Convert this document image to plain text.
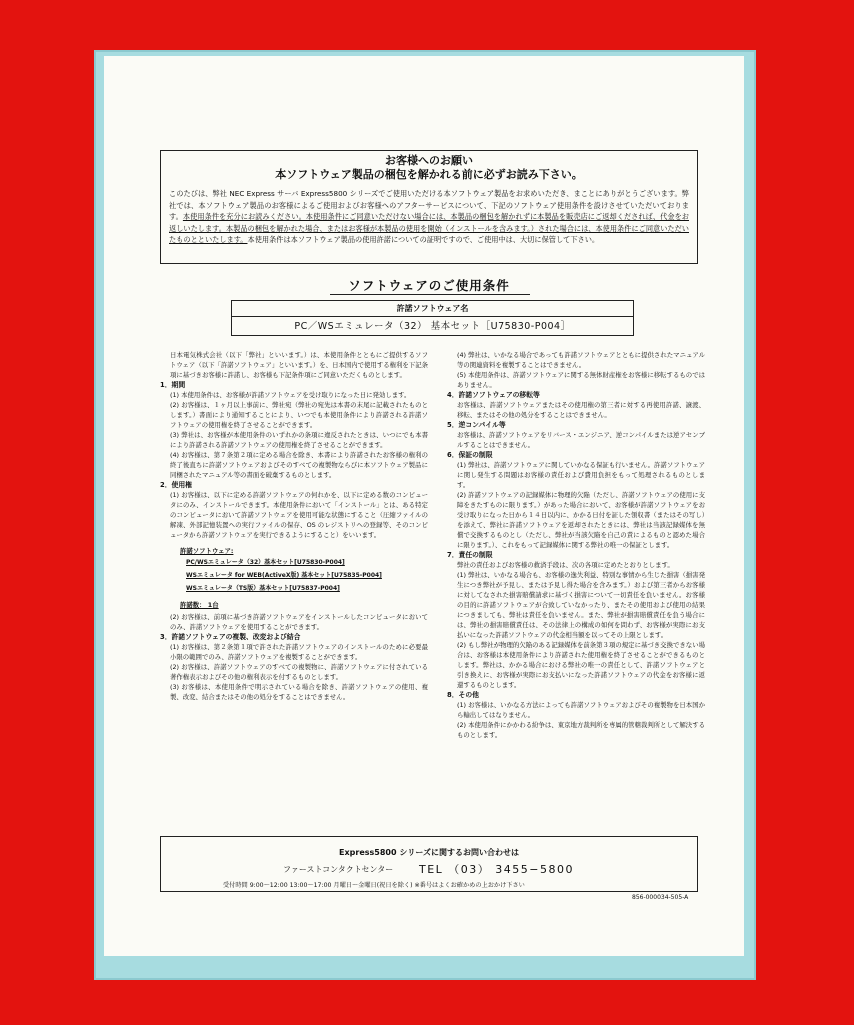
お客様へのお願い
本ソフトウェア製品の梱包を解かれる前に必ずお読み下さい。
このたびは、弊社 NEC Express サーバ Express5800 シリーズでご使用いただける本ソフトウェア製品をお求めいただき、まことにありがとうございます。弊社では、本ソフトウェア製品のお客様によるご使用およびお客様へのアフターサービスについて、下記のソフトウェア使用条件を設けさせていただいております。本使用条件を充分にお読みください。本使用条件にご同意いただけない場合には、本製品の梱包を解かれずに本製品を販売店にご返却くだされば、代金をお返しいたします。本製品の梱包を解かれた場合、またはお客様が本製品の使用を開始（インストールを含みます。）された場合には、本使用条件にご同意いただいたものとといたします。本使用条件は本ソフトウェア製品の使用許諾についての証明ですので、ご使用中は、大切に保管して下さい。
ソフトウェアのご使用条件
許諾ソフトウェア名
PC／WSエミュレータ（32） 基本セット［U75830-P004］

日本電気株式会社（以下「弊社」といいます。）は、本使用条件とともにご提供するソフトウェア（以下「許諾ソフトウェア」といいます。）を、日本国内で使用する権利を下記条項に基づきお客様に許諾し、お客様も下記条件項にご同意いただくものとします。

1．期間

(1) 本使用条件は、お客様が許諾ソフトウェアを受け取りになった日に発効します。

(2) お客様は、１ヶ月以上事前に、弊社宛（弊社の宛先は本書の末尾に記載されたものとします。）書面により通知することにより、いつでも本使用条件により許諾される許諾ソフトウェアの使用権を終了させることができます。

(3) 弊社は、お客様が本使用条件のいずれかの条項に違反されたときは、いつにでも本書により許諾される許諾ソフトウェアの使用権を終了させることができます。

(4) お客様は、第７条第２項に定める場合を除き、本書により許諾されたお客様の権利の終了後直ちに許諾ソフトウェアおよびそのすべての複製物ならびに本ソフトウェア製品に同梱されたマニュアル等の書面を破棄するものとします。

2．使用権

(1) お客様は、以下に定める許諾ソフトウェアの何れかを、以下に定める数のコンピュータにのみ、インストールできます。本使用条件において「インストール」とは、ある特定のコンピュータにおいて許諾ソフトウェアを使用可能な状態にすること（圧縮ファイルの解凍、外部記憶装置への実行ファイルの保存、OS のレジストリへの登録等、そのコンピュータから許諾ソフトウェアを実行できるようにすること）をいいます。

許諾ソフトウェア:

PC/WSエミュレータ（32）基本セット[U75830-P004]

WSエミュレータ for WEB(ActiveX版) 基本セット[U75835-P004]

WSエミュレータ（TS版）基本セット[U75837-P004]

許諾数： 1台

(2) お客様は、前項に基づき許諾ソフトウェアをインストールしたコンピュータにおいてのみ、許諾ソフトウェアを使用することができます。

3．許諾ソフトウェアの複製、改変および結合

(1) お客様は、第２条第１項で許された許諾ソフトウェアのインストールのために必要最小限の範囲でのみ、許諾ソフトウェアを複製することができます。

(2) お客様は、許諾ソフトウェアのすべての複製物に、許諾ソフトウェアに付されている著作権表示およびその他の権利表示を付するものとします。

(3) お客様は、本使用条件で明示されている場合を除き、許諾ソフトウェアの使用、複製、改変、結合またはその他の処分をすることはできません。

(4) 弊社は、いかなる場合であっても許諾ソフトウェアとともに提供されたマニュアル等の関連資料を複製することはできません。

(5) 本使用条件は、許諾ソフトウェアに関する無体財産権をお客様に移転するものではありません。

4．許諾ソフトウェアの移転等

お客様は、許諾ソフトウェアまたはその使用権の第三者に対する再使用許諾、譲渡、移転、またはその他の処分をすることはできません。

5．逆コンパイル等

お客様は、許諾ソフトウェアをリバース・エンジニア、逆コンパイルまたは逆アセンブルすることはできません。

6．保証の制限

(1) 弊社は、許諾ソフトウェアに関していかなる保証も行いません。許諾ソフトウェアに関し発生する問題はお客様の責任および費用負担をもって処理されるものとします。

(2) 許諾ソフトウェアの記録媒体に物理的欠陥（ただし、許諾ソフトウェアの使用に支障をきたすものに限ります。）があった場合において、お客様が許諾ソフトウェアをお受け取りになった日から１４日以内に、かかる日付を証した領収書（またはその写し）を添えて、弊社に許諾ソフトウェアを返却されたときには、弊社は当該記録媒体を無償で交換するものとし（ただし、弊社が当該欠陥を自己の責によるものと認めた場合に限ります。）、これをもって記録媒体に関する弊社の唯一の保証とします。

7．責任の制限

弊社の責任およびお客様の救済手段は、次の各項に定めたとおりとします。

(1) 弊社は、いかなる場合も、お客様の逸失利益、特別な事情から生じた損害（損害発生につき弊社が予見し、または予見し得た場合を含みます。）および第三者からお客様に対してなされた損害賠償請求に基づく損害について一切責任を負いません。お客様の目的に許諾ソフトウェアが合致していなかったり、またその使用および使用の結果につきましても、弊社は責任を負いません。また、弊社が損害賠償責任を負う場合には、弊社の損害賠償責任は、その法律上の構成の如何を問わず、お客様が実際にお支払いになった許諾ソフトウェアの代金相当額を以ってその上限とします。

(2) もし弊社が物理的欠陥のある記録媒体を前条第３項の規定に基づき交換できない場合は、お客様は本使用条件により許諾された使用権を終了させることができるものとします。弊社は、かかる場合における弊社の唯一の責任として、許諾ソフトウェアと引き換えに、お客様が実際にお支払いになった許諾ソフトウェアの代金をお客様に返還するものとします。

8．その他

(1) お客様は、いかなる方法によっても許諾ソフトウェアおよびその複製物を日本国から輸出してはなりません。

(2) 本使用条件にかかわる紛争は、東京地方裁判所を専属的管轄裁判所として解決するものとします。

Express5800 シリーズに関するお問い合わせは
ファーストコンタクトセンター TEL （03） 3455−5800
受付時間 9:00〜12:00 13:00〜17:00 月曜日〜金曜日(祝日を除く) ※番号はよくお確かめの上おかけ下さい
856-000034-505-A
